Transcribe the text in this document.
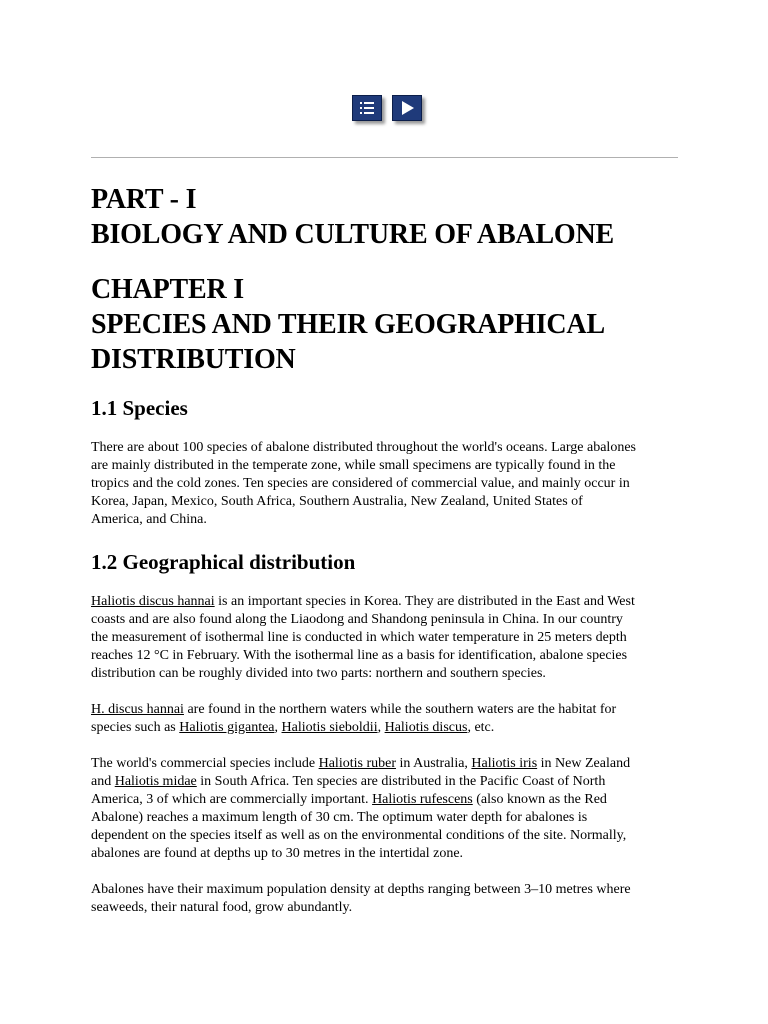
PART - I
BIOLOGY AND CULTURE OF ABALONE
CHAPTER I
SPECIES AND THEIR GEOGRAPHICAL
DISTRIBUTION
1.1 Species

There are about 100 species of abalone distributed throughout the world's oceans. Large abalones
are mainly distributed in the temperate zone, while small specimens are typically found in the
tropics and the cold zones. Ten species are considered of commercial value, and mainly occur in
Korea, Japan, Mexico, South Africa, Southern Australia, New Zealand, United States of
America, and China.

1.2 Geographical distribution

Haliotis discus hannai is an important species in Korea. They are distributed in the East and West
coasts and are also found along the Liaodong and Shandong peninsula in China. In our country
the measurement of isothermal line is conducted in which water temperature in 25 meters depth
reaches 12 °C in February. With the isothermal line as a basis for identification, abalone species
distribution can be roughly divided into two parts: northern and southern species.

H. discus hannai are found in the northern waters while the southern waters are the habitat for
species such as Haliotis gigantea, Haliotis sieboldii, Haliotis discus, etc.

The world's commercial species include Haliotis ruber in Australia, Haliotis iris in New Zealand
and Haliotis midae in South Africa. Ten species are distributed in the Pacific Coast of North
America, 3 of which are commercially important. Haliotis rufescens (also known as the Red
Abalone) reaches a maximum length of 30 cm. The optimum water depth for abalones is
dependent on the species itself as well as on the environmental conditions of the site. Normally,
abalones are found at depths up to 30 metres in the intertidal zone.

Abalones have their maximum population density at depths ranging between 3–10 metres where
seaweeds, their natural food, grow abundantly.
